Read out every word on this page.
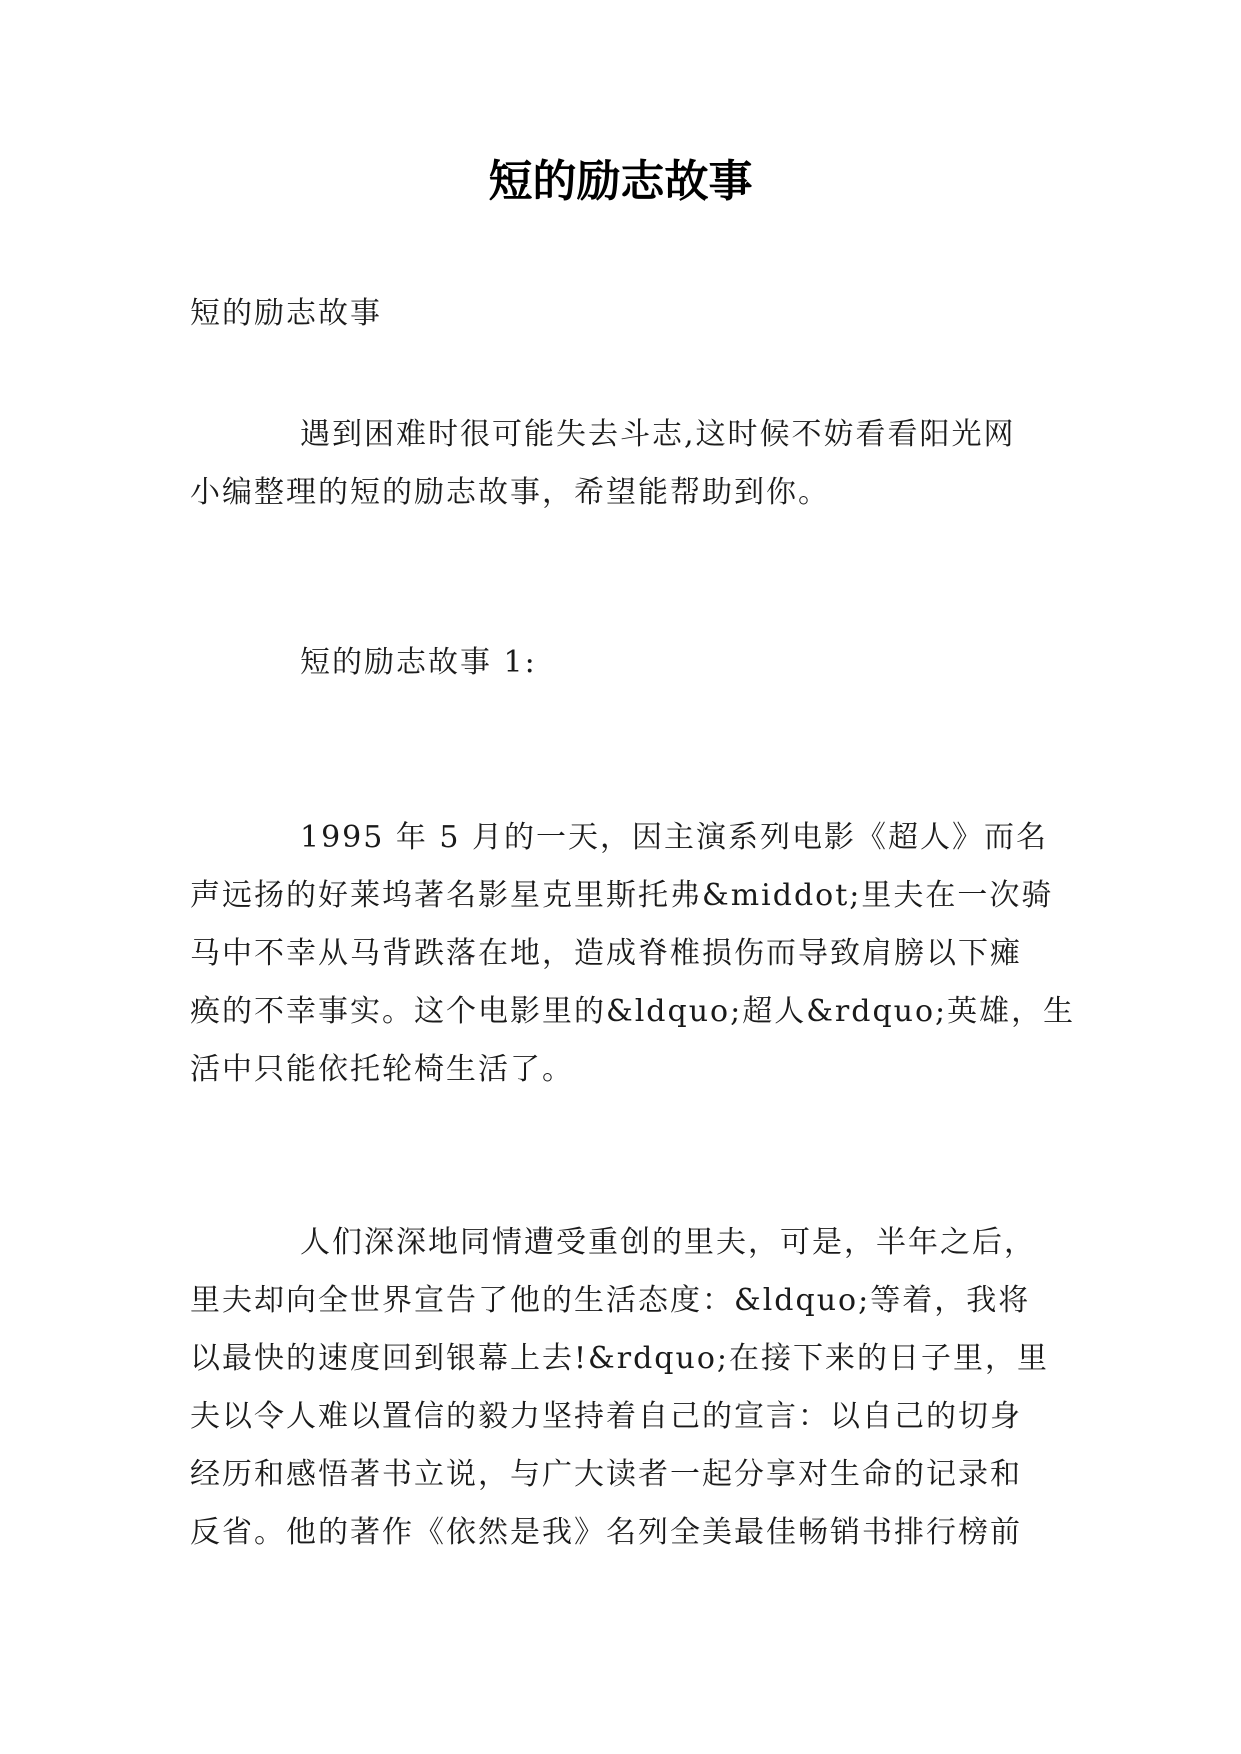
短的励志故事

短的励志故事

遇到困难时很可能失去斗志,这时候不妨看看阳光网
小编整理的短的励志故事，希望能帮助到你。

短的励志故事 1:

1995 年 5 月的一天，因主演系列电影《超人》而名
声远扬的好莱坞著名影星克里斯托弗&middot;里夫在一次骑
马中不幸从马背跌落在地，造成脊椎损伤而导致肩膀以下瘫
痪的不幸事实。这个电影里的&ldquo;超人&rdquo;英雄，生
活中只能依托轮椅生活了。

人们深深地同情遭受重创的里夫，可是，半年之后，
里夫却向全世界宣告了他的生活态度：&ldquo;等着，我将
以最快的速度回到银幕上去!&rdquo;在接下来的日子里，里
夫以令人难以置信的毅力坚持着自己的宣言：以自己的切身
经历和感悟著书立说，与广大读者一起分享对生命的记录和
反省。他的著作《依然是我》名列全美最佳畅销书排行榜前
